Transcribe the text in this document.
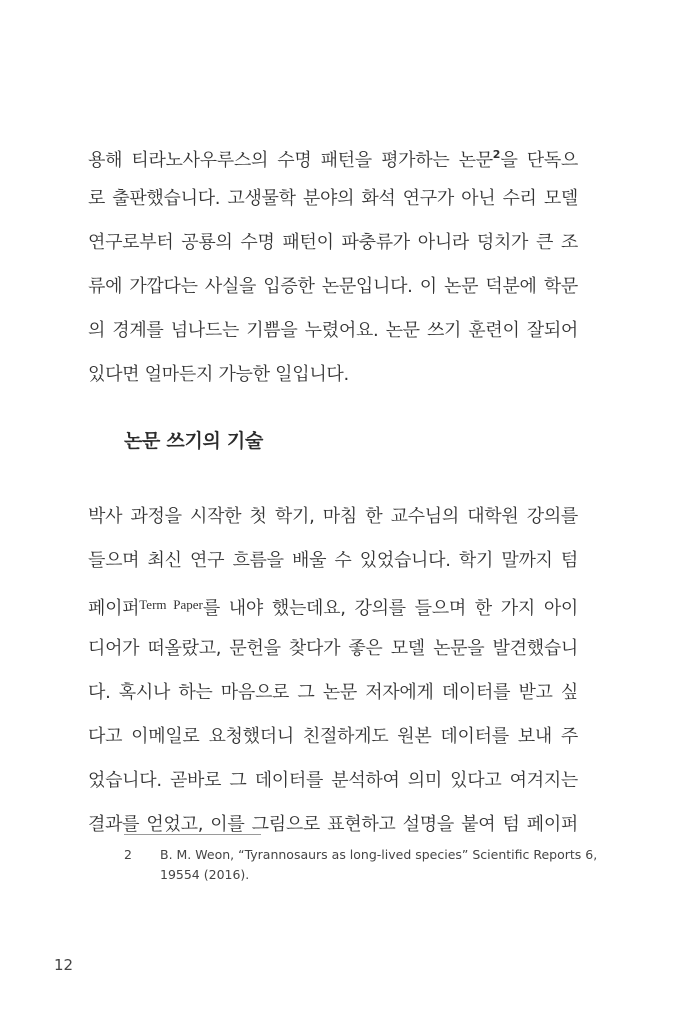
용해 티라노사우루스의 수명 패턴을 평가하는 논문$^2$을 단독으
로 출판했습니다. 고생물학 분야의 화석 연구가 아닌 수리 모델
연구로부터 공룡의 수명 패턴이 파충류가 아니라 덩치가 큰 조
류에 가깝다는 사실을 입증한 논문입니다. 이 논문 덕분에 학문
의 경계를 넘나드는 기쁨을 누렸어요. 논문 쓰기 훈련이 잘되어
있다면 얼마든지 가능한 일입니다.
논문 쓰기의 기술
박사 과정을 시작한 첫 학기, 마침 한 교수님의 대학원 강의를
들으며 최신 연구 흐름을 배울 수 있었습니다. 학기 말까지 텀
페이퍼$^{Term Paper}$를 내야 했는데요, 강의를 들으며 한 가지 아이
디어가 떠올랐고, 문헌을 찾다가 좋은 모델 논문을 발견했습니
다. 혹시나 하는 마음으로 그 논문 저자에게 데이터를 받고 싶
다고 이메일로 요청했더니 친절하게도 원본 데이터를 보내 주
었습니다. 곧바로 그 데이터를 분석하여 의미 있다고 여겨지는
결과를 얻었고, 이를 그림으로 표현하고 설명을 붙여 텀 페이퍼
2 B. M. Weon, “Tyrannosaurs as long-lived species” Scientific Reports 6,
19554 (2016).
12
